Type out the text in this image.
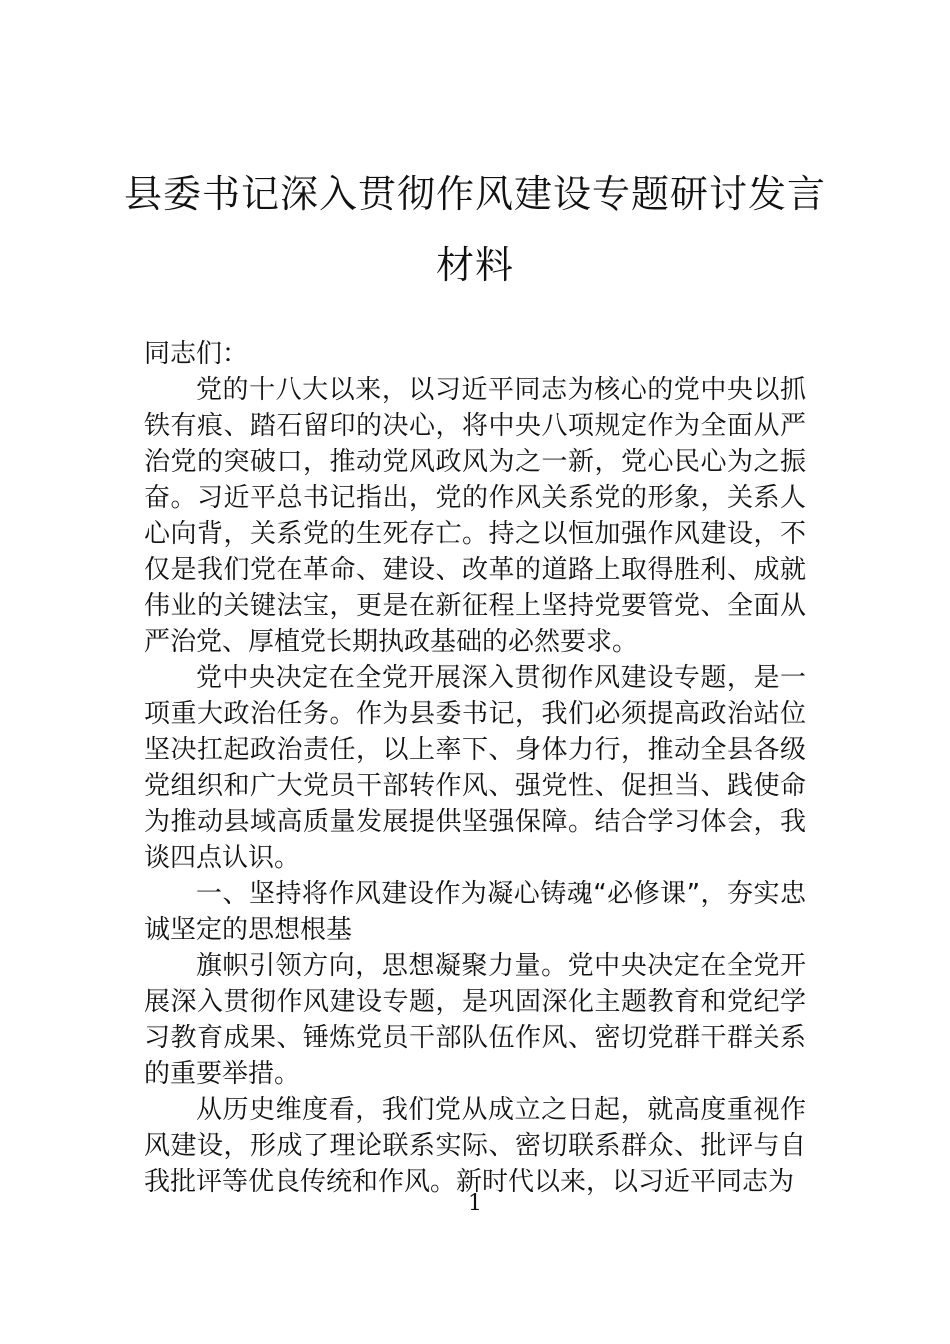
县委书记深入贯彻作风建设专题研讨发言
材料

同志们：

党的十八大以来，以习近平同志为核心的党中央以抓铁有痕、踏石留印的决心，将中央八项规定作为全面从严治党的突破口，推动党风政风为之一新，党心民心为之振奋。习近平总书记指出，党的作风关系党的形象，关系人心向背，关系党的生死存亡。持之以恒加强作风建设，不仅是我们党在革命、建设、改革的道路上取得胜利、成就伟业的关键法宝，更是在新征程上坚持党要管党、全面从严治党、厚植党长期执政基础的必然要求。

党中央决定在全党开展深入贯彻作风建设专题，是一项重大政治任务。作为县委书记，我们必须提高政治站位坚决扛起政治责任，以上率下、身体力行，推动全县各级党组织和广大党员干部转作风、强党性、促担当、践使命为推动县域高质量发展提供坚强保障。结合学习体会，我谈四点认识。

一、坚持将作风建设作为凝心铸魂“必修课”，夯实忠诚坚定的思想根基

旗帜引领方向，思想凝聚力量。党中央决定在全党开展深入贯彻作风建设专题，是巩固深化主题教育和党纪学习教育成果、锤炼党员干部队伍作风、密切党群干群关系的重要举措。

从历史维度看，我们党从成立之日起，就高度重视作风建设，形成了理论联系实际、密切联系群众、批评与自我批评等优良传统和作风。新时代以来，以习近平同志为

1
